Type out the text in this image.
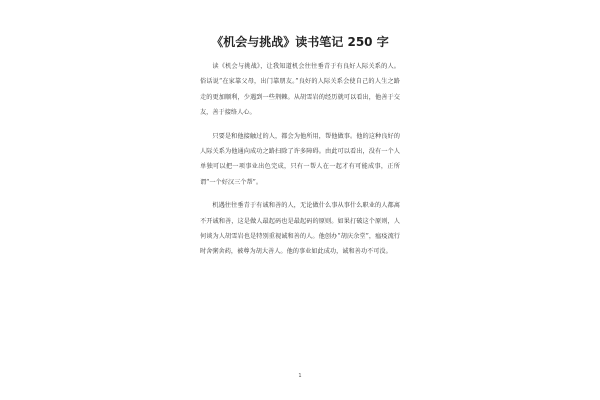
《机会与挑战》读书笔记 250 字

读《机会与挑战》，让我知道机会往往垂青于有良好人际关系的人。俗话说“在家靠父母，出门靠朋友。”良好的人际关系会使自己的人生之路走的更加顺利，少遇到一些荆棘。从胡雪岩的经历就可以看出，他善于交友，善于接络人心。

只要是和他接触过的人，都会为他所用，帮他做事。他的这种良好的人际关系为他通向成功之路扫除了许多障碍。由此可以看出，没有一个人单独可以把一项事业出色完成，只有一帮人在一起才有可能成事，正所谓“一个好汉三个帮”。

机遇往往垂青于有诚和善的人，无论做什么事从事什么职业的人都离不开诚和善，这是做人最起码也是最起码的原则。如果打破这个原则，人何谈为人胡雪岩也是特别重视诚和善的人。他创办“胡庆余堂”，瘟疫流行时舍粥舍药，被尊为胡大善人。他的事业如此成功，诚和善功不可没。

1
